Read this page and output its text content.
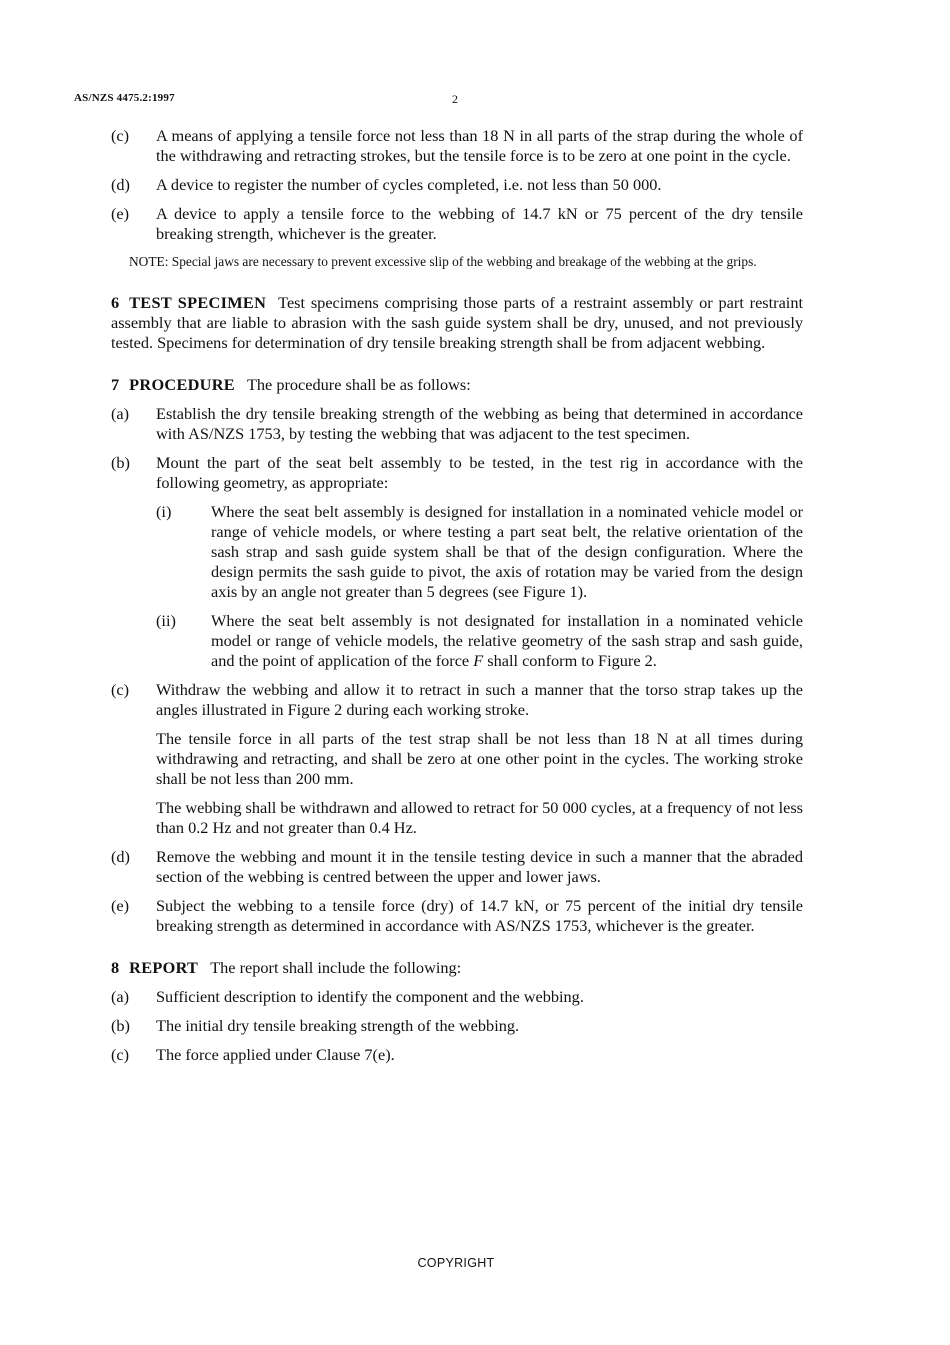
AS/NZS 4475.2:1997	2
(c)	A means of applying a tensile force not less than 18 N in all parts of the strap during the whole of the withdrawing and retracting strokes, but the tensile force is to be zero at one point in the cycle.
(d)	A device to register the number of cycles completed, i.e. not less than 50 000.
(e)	A device to apply a tensile force to the webbing of 14.7 kN or 75 percent of the dry tensile breaking strength, whichever is the greater.
NOTE: Special jaws are necessary to prevent excessive slip of the webbing and breakage of the webbing at the grips.
6 TEST SPECIMEN Test specimens comprising those parts of a restraint assembly or part restraint assembly that are liable to abrasion with the sash guide system shall be dry, unused, and not previously tested. Specimens for determination of dry tensile breaking strength shall be from adjacent webbing.
7 PROCEDURE The procedure shall be as follows:
(a)	Establish the dry tensile breaking strength of the webbing as being that determined in accordance with AS/NZS 1753, by testing the webbing that was adjacent to the test specimen.
(b)	Mount the part of the seat belt assembly to be tested, in the test rig in accordance with the following geometry, as appropriate:
(i)	Where the seat belt assembly is designed for installation in a nominated vehicle model or range of vehicle models, or where testing a part seat belt, the relative orientation of the sash strap and sash guide system shall be that of the design configuration. Where the design permits the sash guide to pivot, the axis of rotation may be varied from the design axis by an angle not greater than 5 degrees (see Figure 1).
(ii)	Where the seat belt assembly is not designated for installation in a nominated vehicle model or range of vehicle models, the relative geometry of the sash strap and sash guide, and the point of application of the force F shall conform to Figure 2.
(c)	Withdraw the webbing and allow it to retract in such a manner that the torso strap takes up the angles illustrated in Figure 2 during each working stroke.
The tensile force in all parts of the test strap shall be not less than 18 N at all times during withdrawing and retracting, and shall be zero at one other point in the cycles. The working stroke shall be not less than 200 mm.
The webbing shall be withdrawn and allowed to retract for 50 000 cycles, at a frequency of not less than 0.2 Hz and not greater than 0.4 Hz.
(d)	Remove the webbing and mount it in the tensile testing device in such a manner that the abraded section of the webbing is centred between the upper and lower jaws.
(e)	Subject the webbing to a tensile force (dry) of 14.7 kN, or 75 percent of the initial dry tensile breaking strength as determined in accordance with AS/NZS 1753, whichever is the greater.
8 REPORT The report shall include the following:
(a)	Sufficient description to identify the component and the webbing.
(b)	The initial dry tensile breaking strength of the webbing.
(c)	The force applied under Clause 7(e).
COPYRIGHT
